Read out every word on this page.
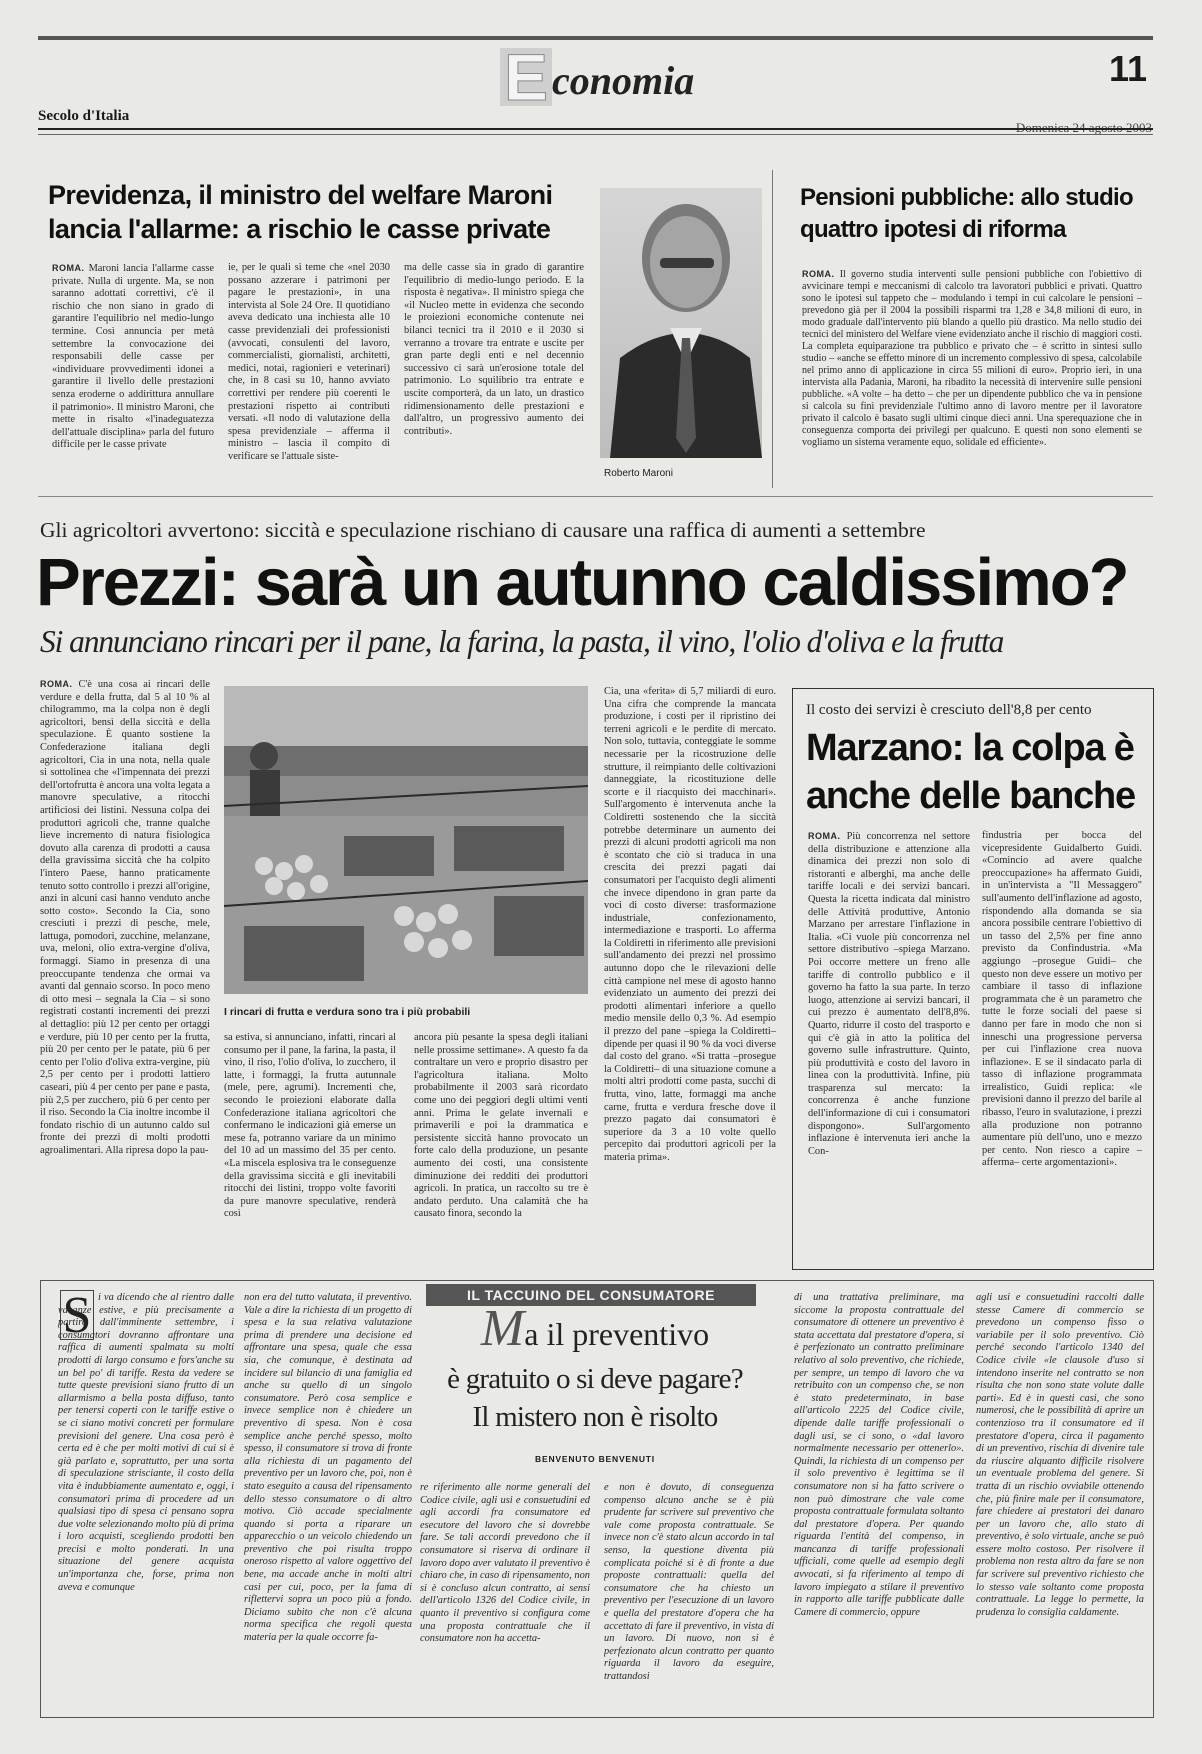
E conomia	11
Secolo d'Italia
Previdenza, il ministro del welfare Maroni lancia l'allarme: a rischio le casse private
ROMA. Maroni lancia l'allarme casse private. Nulla di urgente. Ma, se non saranno adottati correttivi, c'è il rischio che non siano in grado di garantire l'equilibrio nel medio-lungo termine. Così annuncia per metà settembre la convocazione dei responsabili delle casse per «individuare provvedimenti idonei a garantire il livello delle prestazioni senza eroderne o addirittura annullare il patrimonio». Il ministro Maroni, che mette in risalto «l'inadeguatezza dell'attuale disciplina» parla del futuro difficile per le casse private
ie, per le quali si teme che «nel 2030 possano azzerare i patrimoni per pagare le prestazioni», in una intervista al Sole 24 Ore. Il quotidiano aveva dedicato una inchiesta alle 10 casse previdenziali dei professionisti (avvocati, consulenti del lavoro, commercialisti, giornalisti, architetti, medici, notai, ragionieri e veterinari) che, in 8 casi su 10, hanno avviato correttivi per rendere più coerenti le prestazioni rispetto ai contributi versati. «Il nodo di valutazione della spesa previdenziale – afferma il ministro – lascia il compito di verificare se l'attuale siste-
ma delle casse sia in grado di garantire l'equilibrio di medio-lungo periodo. E la risposta è negativa». Il ministro spiega che «il Nucleo mette in evidenza che secondo le proiezioni economiche contenute nei bilanci tecnici tra il 2010 e il 2030 si verranno a trovare tra entrate e uscite per gran parte degli enti e nel decennio successivo ci sarà un'erosione totale del patrimonio. Lo squilibrio tra entrate e uscite comporterà, da un lato, un drastico ridimensionamento delle prestazioni e dall'altro, un progressivo aumento dei contributi».
Roberto Maroni
Pensioni pubbliche: allo studio quattro ipotesi di riforma
ROMA. Il governo studia interventi sulle pensioni pubbliche con l'obiettivo di avvicinare tempi e meccanismi di calcolo tra lavoratori pubblici e privati. Quattro sono le ipotesi sul tappeto che – modulando i tempi in cui calcolare le pensioni – prevedono già per il 2004 la possibili risparmi tra 1,28 e 34,8 milioni di euro, in modo graduale dall'intervento più blando a quello più drastico. Ma nello studio dei tecnici del ministero del Welfare viene evidenziato anche il rischio di maggiori costi. La completa equiparazione tra pubblico e privato che – è scritto in sintesi sullo studio – «anche se effetto minore di un incremento complessivo di spesa, calcolabile nel primo anno di applicazione in circa 55 milioni di euro». Proprio ieri, in una intervista alla Padania, Maroni, ha ribadito la necessità di intervenire sulle pensioni pubbliche. «A volte – ha detto – che per un dipendente pubblico che va in pensione si calcola su finì previdenziale l'ultimo anno di lavoro mentre per il lavoratore privato il calcolo è basato sugli ultimi cinque dieci anni. Una sperequazione che in conseguenza comporta dei privilegi per qualcuno. E questi non sono elementi se vogliamo un sistema veramente equo, solidale ed efficiente».
Gli agricoltori avvertono: siccità e speculazione rischiano di causare una raffica di aumenti a settembre
Prezzi: sarà un autunno caldissimo?
Si annunciano rincari per il pane, la farina, la pasta, il vino, l'olio d'oliva e la frutta
ROMA. C'è una cosa ai rincari delle verdure e della frutta, dal 5 al 10 % al chilogrammo, ma la colpa non è degli agricoltori, bensì della siccità e della speculazione. È quanto sostiene la Confederazione italiana degli agricoltori, Cia in una nota, nella quale si sottolinea che «l'impennata dei prezzi dell'ortofrutta è ancora una volta legata a manovre speculative, a ritocchi artificiosi dei listini. Nessuna colpa dei produttori agricoli che, tranne qualche lieve incremento di natura fisiologica dovuto alla carenza di prodotti a causa della gravissima siccità che ha colpito l'intero Paese, hanno praticamente tenuto sotto controllo i prezzi all'origine, anzi in alcuni casi hanno venduto anche sotto costo». Secondo la Cia, sono cresciuti i prezzi di pesche, mele, lattuga, pomodori, zucchine, melanzane, uva, meloni, olio extra-vergine d'oliva, formaggi. Siamo in presenza di una preoccupante tendenza che ormai va avanti dal gennaio scorso. In poco meno di otto mesi – segnala la Cia – si sono registrati costanti incrementi dei prezzi al dettaglio: più 12 per cento per ortaggi e verdure, più 10 per cento per la frutta, più 20 per cento per le patate, più 6 per cento per l'olio d'oliva extra-vergine, più 2,5 per cento per i prodotti lattiero caseari, più 4 per cento per pane e pasta, più 2,5 per zucchero, più 6 per cento per il riso. Secondo la Cia inoltre incombe il fondato rischio di un autunno caldo sul fronte dei prezzi di molti prodotti agroalimentari. Alla ripresa dopo la pau-
I rincari di frutta e verdura sono tra i più probabili
sa estiva, si annunciano, infatti, rincari al consumo per il pane, la farina, la pasta, il vino, il riso, l'olio d'oliva, lo zucchero, il latte, i formaggi, la frutta autunnale (mele, pere, agrumi). Incrementi che, secondo le proiezioni elaborate dalla Confederazione italiana agricoltori che confermano le indicazioni già emerse un mese fa, potranno variare da un minimo del 10 ad un massimo del 35 per cento. «La miscela esplosiva tra le conseguenze della gravissima siccità e gli inevitabili ritocchi dei listini, troppo volte favoriti da pure manovre speculative, renderà così
ancora più pesante la spesa degli italiani nelle prossime settimane». A questo fa da contraltare un vero e proprio disastro per l'agricoltura italiana. Molto probabilmente il 2003 sarà ricordato come uno dei peggiori degli ultimi venti anni. Prima le gelate invernali e primaverili e poi la drammatica e persistente siccità hanno provocato un forte calo della produzione, un pesante aumento dei costi, una consistente diminuzione dei redditi dei produttori agricoli. In pratica, un raccolto su tre è andato perduto. Una calamità che ha causato finora, secondo la
Cia, una «ferita» di 5,7 miliardi di euro. Una cifra che comprende la mancata produzione, i costi per il ripristino dei terreni agricoli e le perdite di mercato. Non solo, tuttavia, conteggiate le somme necessarie per la ricostruzione delle strutture, il reimpianto delle coltivazioni danneggiate, la ricostituzione delle scorte e il riacquisto dei macchinari». Sull'argomento è intervenuta anche la Coldiretti sostenendo che la siccità potrebbe determinare un aumento dei prezzi di alcuni prodotti agricoli ma non è scontato che ciò si traduca in una crescita dei prezzi pagati dai consumatori per l'acquisto degli alimenti che invece dipendono in gran parte da voci di costo diverse: trasformazione industriale, confezionamento, intermediazione e trasporti. Lo afferma la Coldiretti in riferimento alle previsioni sull'andamento dei prezzi nel prossimo autunno dopo che le rilevazioni delle città campione nel mese di agosto hanno evidenziato un aumento dei prezzi dei prodotti alimentari inferiore a quello medio mensile dello 0,3 %. Ad esempio il prezzo del pane –spiega la Coldiretti– dipende per quasi il 90 % da voci diverse dal costo del grano. «Si tratta –prosegue la Coldiretti– di una situazione comune a molti altri prodotti come pasta, succhi di frutta, vino, latte, formaggi ma anche carne, frutta e verdura fresche dove il prezzo pagato dai consumatori è superiore da 3 a 10 volte quello percepito dai produttori agricoli per la materia prima».
Il costo dei servizi è cresciuto dell'8,8 per cento
Marzano: la colpa è anche delle banche
ROMA. Più concorrenza nel settore della distribuzione e attenzione alla dinamica dei prezzi non solo di ristoranti e alberghi, ma anche delle tariffe locali e dei servizi bancari. Questa la ricetta indicata dal ministro delle Attività produttive, Antonio Marzano per arrestare l'inflazione in Italia. «Ci vuole più concorrenza nel settore distributivo –spiega Marzano. Poi occorre mettere un freno alle tariffe di controllo pubblico e il governo ha fatto la sua parte. In terzo luogo, attenzione ai servizi bancari, il cui prezzo è aumentato dell'8,8%. Quarto, ridurre il costo del trasporto e qui c'è già in atto la politica del governo sulle infrastrutture. Quinto, più produttività e costo del lavoro in linea con la produttività. Infine, più trasparenza sul mercato: la concorrenza è anche funzione dell'informazione di cui i consumatori dispongono». Sull'argomento inflazione è intervenuta ieri anche la Con-
findustria per bocca del vicepresidente Guidalberto Guidi. «Comincio ad avere qualche preoccupazione» ha affermato Guidi, in un'intervista a "Il Messaggero" sull'aumento dell'inflazione ad agosto, rispondendo alla domanda se sia ancora possibile centrare l'obiettivo di un tasso del 2,5% per fine anno previsto da Confindustria. «Ma aggiungo –prosegue Guidi– che questo non deve essere un motivo per cambiare il tasso di inflazione programmata che è un parametro che tutte le forze sociali del paese si danno per fare in modo che non si inneschi una progressione perversa per cui l'inflazione crea nuova inflazione». E se il sindacato parla di tasso di inflazione programmata irrealistico, Guidi replica: «le previsioni danno il prezzo del barile al ribasso, l'euro in svalutazione, i prezzi alla produzione non potranno aumentare più dell'uno, uno e mezzo per cento. Non riesco a capire –afferma– certe argomentazioni».
IL TACCUINO DEL CONSUMATORE
S i va dicendo che al rientro dalle vacanze estive, e più precisamente a partire dall'imminente settembre, i consumatori dovranno affrontare una raffica di aumenti spalmata su molti prodotti di largo consumo e fors'anche su un bel po' di tariffe. Resta da vedere se tutte queste previsioni siano frutto di un allarmismo a bella posta diffuso, tanto per tenersi coperti con le tariffe estive o se ci siano motivi concreti per formulare previsioni del genere. Una cosa però è certa ed è che per molti motivi di cui si è già parlato e, soprattutto, per una sorta di speculazione strisciante, il costo della vita è indubbiamente aumentato e, oggi, i consumatori prima di procedere ad un qualsiasi tipo di spesa ci pensano sopra due volte selezionando molto più di prima i loro acquisti, scegliendo prodotti ben precisi e molto ponderati. In una situazione del genere acquista un'importanza che, forse, prima non aveva e comunque
non era del tutto valutata, il preventivo. Vale a dire la richiesta di un progetto di spesa e la sua relativa valutazione prima di prendere una decisione ed affrontare una spesa, quale che essa sia, che comunque, è destinata ad incidere sul bilancio di una famiglia ed anche su quello di un singolo consumatore. Però cosa semplice e invece semplice non è chiedere un preventivo di spesa. Non è cosa semplice anche perché spesso, molto spesso, il consumatore si trova di fronte alla richiesta di un pagamento del preventivo per un lavoro che, poi, non è stato eseguito a causa del ripensamento dello stesso consumatore o di altro motivo. Ciò accade specialmente quando si porta a riparare un apparecchio o un veicolo chiedendo un preventivo che poi risulta troppo oneroso rispetto al valore oggettivo del bene, ma accade anche in molti altri casi per cui, poco, per la fama di riflettervi sopra un poco più a fondo. Diciamo subito che non c'è alcuna norma specifica che regoli questa materia per la quale occorre fa-
Ma il preventivo
è gratuito o si deve pagare?
Il mistero non è risolto
BENVENUTO BENVENUTI
re riferimento alle norme generali del Codice civile, agli usi e consuetudini ed agli accordi fra consumatore ed esecutore del lavoro che si dovrebbe fare. Se tali accordi prevedono che il consumatore si riserva di ordinare il lavoro dopo aver valutato il preventivo è chiaro che, in caso di ripensamento, non si è concluso alcun contratto, ai sensi dell'articolo 1326 del Codice civile, in quanto il preventivo si configura come una proposta contrattuale che il consumatore non ha accetta-
e non è dovuto, di conseguenza compenso alcuno anche se è più prudente far scrivere sul preventivo che vale come proposta contrattuale. Se invece non c'è stato alcun accordo in tal senso, la questione diventa più complicata poiché si è di fronte a due proposte contrattuali: quella del consumatore che ha chiesto un preventivo per l'esecuzione di un lavoro e quella del prestatore d'opera che ha accettato di fare il preventivo, in vista di un lavoro. Di nuovo, non si è perfezionato alcun contratto per quanto riguarda il lavoro da eseguire, trattandosi
di una trattativa preliminare, ma siccome la proposta contrattuale del consumatore di ottenere un preventivo è stata accettata dal prestatore d'opera, si è perfezionato un contratto preliminare relativo al solo preventivo, che richiede, per sempre, un tempo di lavoro che va retribuito con un compenso che, se non è stato predeterminato, in base all'articolo 2225 del Codice civile, dipende dalle tariffe professionali o dagli usi, se ci sono, o «dal lavoro normalmente necessario per ottenerlo». Quindi, la richiesta di un compenso per il solo preventivo è legittima se il consumatore non si ha fatto scrivere o non può dimostrare che vale come proposta contrattuale formulata soltanto dal prestatore d'opera. Per quando riguarda l'entità del compenso, in mancanza di tariffe professionali ufficiali, come quelle ad esempio degli avvocati, si fa riferimento al tempo di lavoro impiegato a stilare il preventivo in rapporto alle tariffe pubblicate dalle Camere di commercio, oppure
agli usi e consuetudini raccolti dalle stesse Camere di commercio se prevedono un compenso fisso o variabile per il solo preventivo. Ciò perché secondo l'articolo 1340 del Codice civile «le clausole d'uso si intendono inserite nel contratto se non risulta che non sono state volute dalle parti». Ed è in questi casi, che sono numerosi, che le possibilità di aprire un contenzioso tra il consumatore ed il prestatore d'opera, circa il pagamento di un preventivo, rischia di divenire tale da riuscire alquanto difficile risolvere un eventuale problema del genere. Si tratta di un rischio ovviabile ottenendo che, più finire male per il consumatore, fare chiedere ai prestatori dei danaro per un lavoro che, allo stato di preventivo, è solo virtuale, anche se può essere molto costoso. Per risolvere il problema non resta altro da fare se non far scrivere sul preventivo richiesto che lo stesso vale soltanto come proposta contrattuale. La legge lo permette, la prudenza lo consiglia caldamente.
